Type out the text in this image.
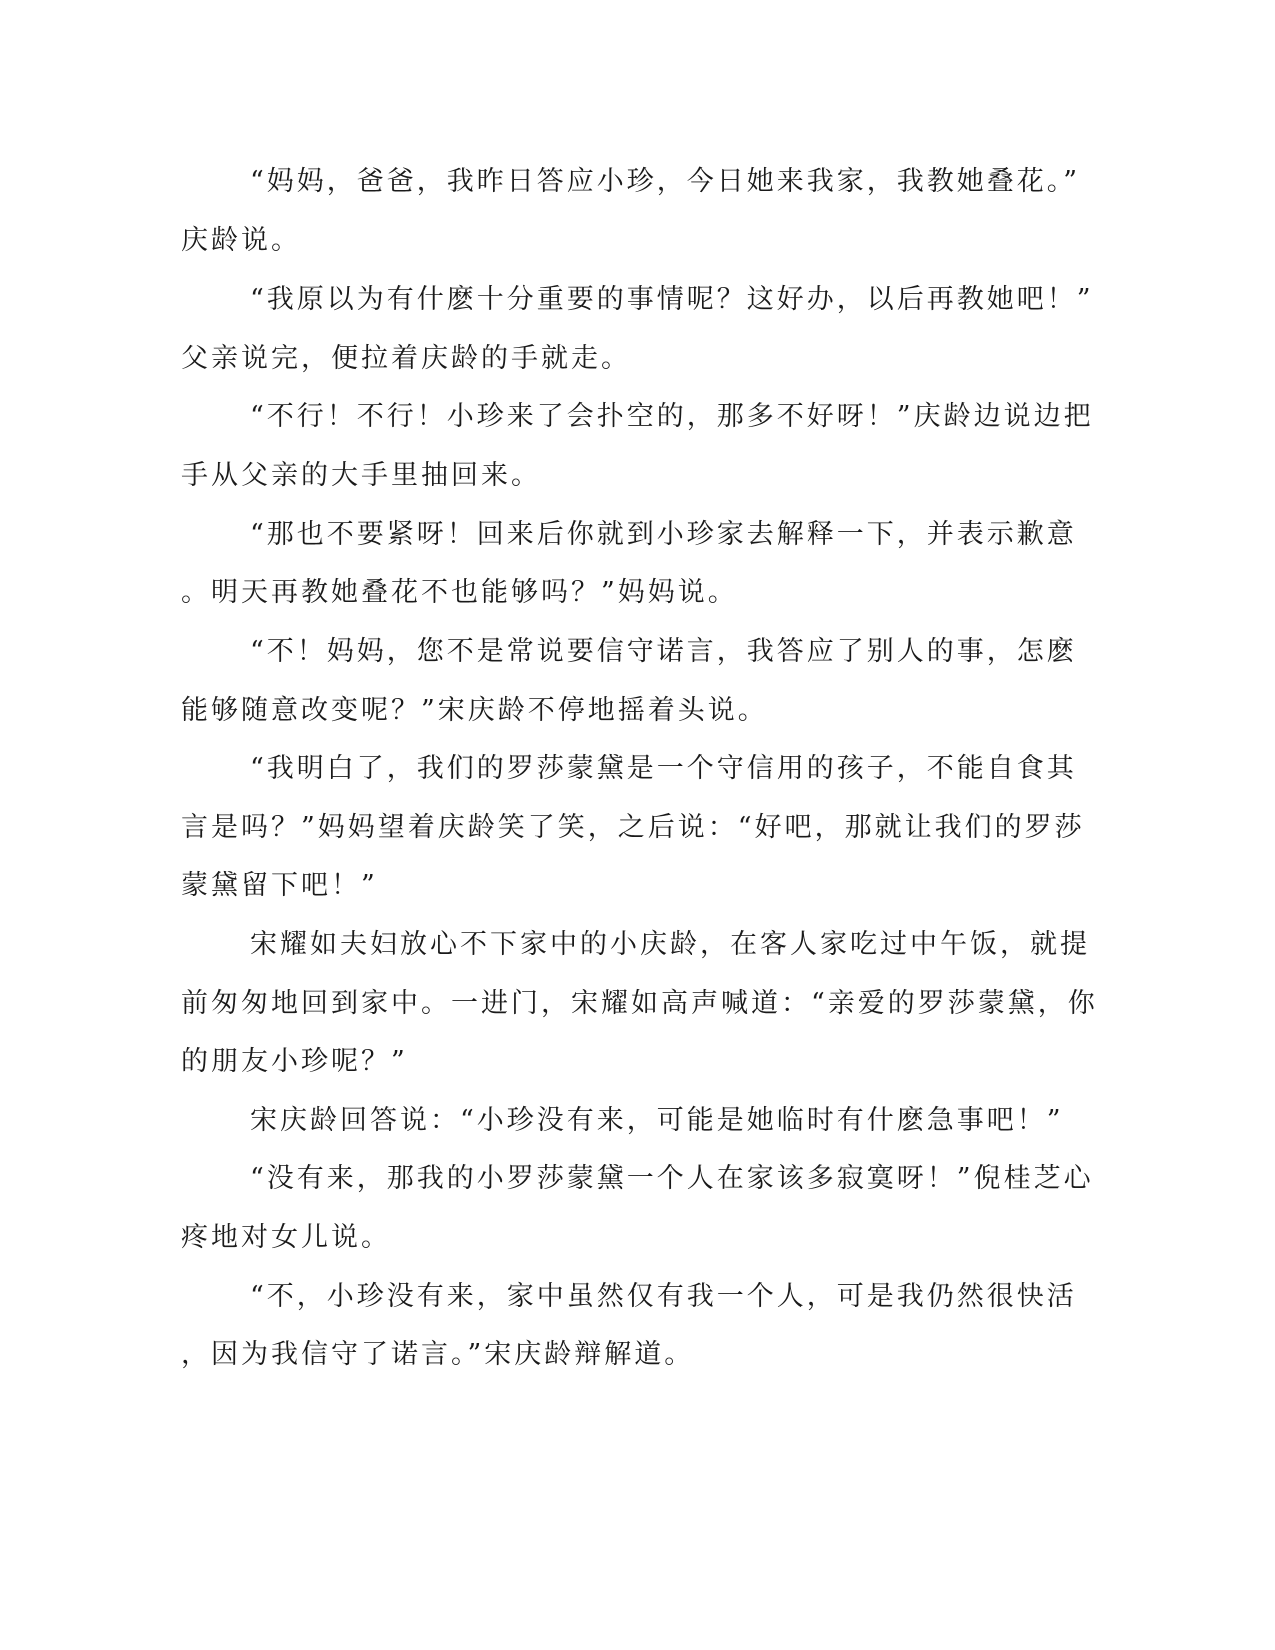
“妈妈，爸爸，我昨日答应小珍，今日她来我家，我教她叠花。”
庆龄说。
“我原以为有什麽十分重要的事情呢？这好办，以后再教她吧！”
父亲说完，便拉着庆龄的手就走。
“不行！不行！小珍来了会扑空的，那多不好呀！”庆龄边说边把
手从父亲的大手里抽回来。
“那也不要紧呀！回来后你就到小珍家去解释一下，并表示歉意
。明天再教她叠花不也能够吗？”妈妈说。
“不！妈妈，您不是常说要信守诺言，我答应了别人的事，怎麽
能够随意改变呢？”宋庆龄不停地摇着头说。
“我明白了，我们的罗莎蒙黛是一个守信用的孩子，不能自食其
言是吗？”妈妈望着庆龄笑了笑，之后说：“好吧，那就让我们的罗莎
蒙黛留下吧！”
宋耀如夫妇放心不下家中的小庆龄，在客人家吃过中午饭，就提
前匆匆地回到家中。一进门，宋耀如高声喊道：“亲爱的罗莎蒙黛，你
的朋友小珍呢？”
宋庆龄回答说：“小珍没有来，可能是她临时有什麽急事吧！”
“没有来，那我的小罗莎蒙黛一个人在家该多寂寞呀！”倪桂芝心
疼地对女儿说。
“不，小珍没有来，家中虽然仅有我一个人，可是我仍然很快活
，因为我信守了诺言。”宋庆龄辩解道。
